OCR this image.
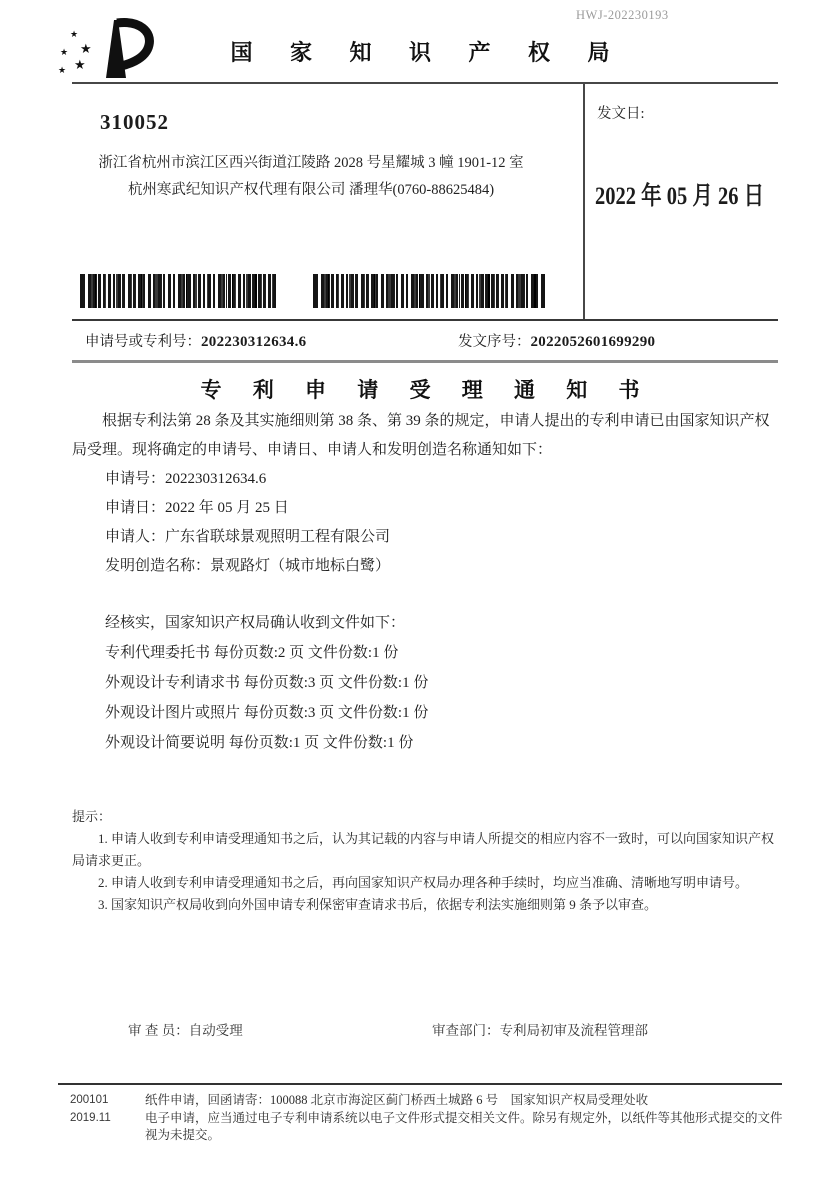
★
★
★
★
★
国 家 知 识 产 权 局
HWJ-202230193
310052
浙江省杭州市滨江区西兴街道江陵路 2028 号星耀城 3 幢 1901-12 室
杭州寒武纪知识产权代理有限公司 潘理华(0760-88625484)
发文日:
2022 年 05 月 26 日
申请号或专利号：202230312634.6	发文序号：2022052601699290
专 利 申 请 受 理 通 知 书

根据专利法第 28 条及其实施细则第 38 条、第 39 条的规定，申请人提出的专利申请已由国家知识产权局受理。现将确定的申请号、申请日、申请人和发明创造名称通知如下：

申请号：202230312634.6
申请日：2022 年 05 月 25 日
申请人：广东省联球景观照明工程有限公司
发明创造名称：景观路灯（城市地标白鹭）
经核实，国家知识产权局确认收到文件如下：
专利代理委托书 每份页数:2 页 文件份数:1 份
外观设计专利请求书 每份页数:3 页 文件份数:1 份
外观设计图片或照片 每份页数:3 页 文件份数:1 份
外观设计简要说明 每份页数:1 页 文件份数:1 份
提示：
1. 申请人收到专利申请受理通知书之后，认为其记载的内容与申请人所提交的相应内容不一致时，可以向国家知识产权局请求更正。
2. 申请人收到专利申请受理通知书之后，再向国家知识产权局办理各种手续时，均应当准确、清晰地写明申请号。
3. 国家知识产权局收到向外国申请专利保密审查请求书后，依据专利法实施细则第 9 条予以审查。
审 查 员：自动受理	审查部门：专利局初审及流程管理部
200101
2019.11
纸件申请，回函请寄：100088 北京市海淀区蓟门桥西土城路 6 号　国家知识产权局受理处收
电子申请，应当通过电子专利申请系统以电子文件形式提交相关文件。除另有规定外，以纸件等其他形式提交的文件视为未提交。
